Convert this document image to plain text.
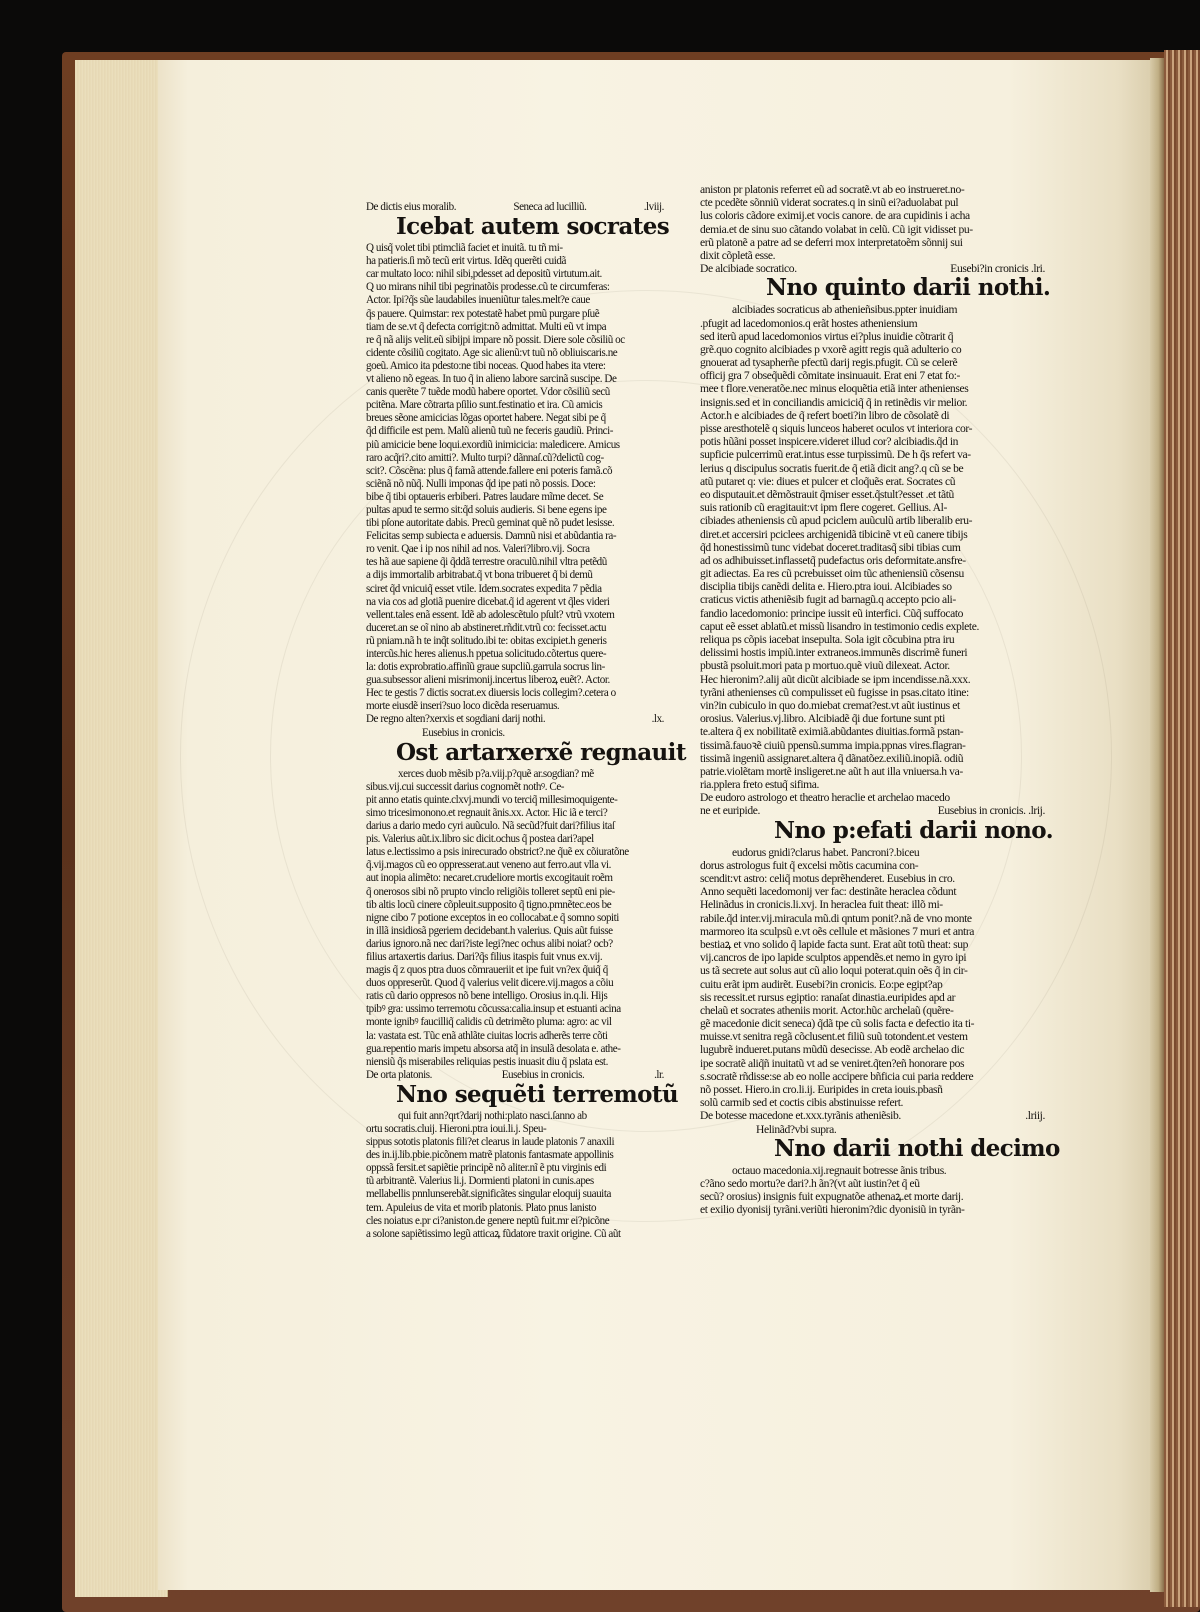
De dictis eius moralib.	Seneca ad lucilliũ.	.lviij.
Icebat autem socrates
Q uisq̃ volet tibi ptimcliã faciet et inuitã. tu tñ mi-
ha patieris.ſi mõ tecũ erit virtus. Idẽq querẽti cuidã
car multato loco: nihil sibi,pdesset ad depositũ virtutum.ait.
Q uo mirans nihil tibi pegrinatõis prodesse.cũ te circumferas:
Actor. Ipi?q̃s sũe laudabiles inueniũtur tales.melt?e caue
q̃s pauere. Quimstar: rex potestatẽ habet pmũ purgare pſuẽ
tiam de se.vt q̃ defecta corrigit:nõ admittat. Multi eũ vt impa
re q̃ nã alijs velit.eũ sibijpi impare nõ possit. Diere sole cõsiliũ oc
cidente cõsiliũ cogitato. Age sic alienũ:vt tuũ nõ obliuiscaris.ne
goeũ. Amico ita pdesto:ne tibi noceas. Quod habes ita vtere:
vt alieno nõ egeas. In tuo q̃ in alieno labore sarcinã suscipe. De
canis querẽte 7 tuẽde modũ habere oportet. Vdor cõsiliũ secũ
pcitẽna. Mare cõtrarta pſilio sunt.festinatio et ira. Cũ amicis
breues sẽone amicicias lõgas oportet habere. Negat sibi pe q̃
q̃d difficile est pem. Malũ alienũ tuũ ne feceris gaudiũ. Princi-
piũ amicicie bene loqui.exordiũ inimicicia: maledicere. Amicus
raro acq̃ri?.cito amitti?. Multo turpi? dãnnaſ.cũ?delictũ cog-
scit?. Cõscẽna: plus q̃ famã attende.fallere eni poteris famã.cõ
sciẽnã nõ nũq̃. Nulli imponas q̃d ipe pati nõ possis. Doce:
bibe q̃ tibi optaueris erbiberi. Patres laudare mĩme decet. Se
pultas apud te sermo sit:q̃d soluis audieris. Si bene egens ipe
tibi pſone autoritate dabis. Precũ geminat quẽ nõ pudet lesisse.
Felicitas semp subiecta e aduersis. Damnũ nisi et abũdantia ra-
ro venit. Qae i ip nos nihil ad nos. Valeri?libro.vij. Socra
tes hã aue sapiene q̃i q̃ddã terrestre oraculũ.nihil vltra petẽdũ
a dijs immortalib arbitrabat.q̃ vt bona tribueret q̃ bi demũ
sciret q̃d vnicuiq̃ esset vtile. Idem.socrates expedita 7 pẽdia
na via cos ad glotiã puenire dicebat.q̃ id agerent vt q̃les videri
vellent.tales enã essent. Idẽ ab adolescẽtulo pſult? vtrũ vxotem
duceret.an se oĩ nino ab abstineret.rñdit.vtrũ co: fecisset.actu
rũ pniam.nã h te inq̃t solitudo.ibi te: obitas excipiet.h generis
intercũs.hic heres alienus.h ppetua solicitudo.cõtertus quere-
la: dotis exprobratio.affinĩũ graue supcliũ.garrula socrus lin-
gua.subsessor alieni misrimonij.incertus liberoꝝ euẽt?. Actor.
Hec te gestis 7 dictis socrat.ex diuersis locis collegim?.cetera o
morte eiusdẽ inseri?suo loco dicẽda reseruamus.
De regno alten?xerxis et sogdiani darij nothi.	.lx.
Eusebius in cronicis.
Ost artarxerxẽ regnauit
xerces duob mẽsib p?a.viij.p?quẽ ar.sogdian? mẽ
sibus.vij.cui successit darius cognomẽt nothꝰ. Ce-
pit anno etatis quinte.clxvj.mundi vo terciq̃ millesimoquigente-
simo tricesimonono.et regnauit ãnis.xx. Actor. Hic iã e terci?
darius a dario medo cyri auũculo. Nã secũd?fuit dari?filius itaſ
pis. Valerius aũt.ix.libro sic dicit.ochus q̃ postea dari?apel
latus e.lectissimo a psis inirecurado obstrict?.ne q̃uẽ ex cõiuratõne
q̃.vij.magos cũ eo oppresserat.aut veneno aut ferro.aut vlla vi.
aut inopia alimẽto: necaret.crudeliore mortis excogitauit roẽm
q̃ onerosos sibi nõ prupto vinclo religiõis tolleret septũ eni pie-
tib altis locũ cinere cõpleuit.supposito q̃ tigno.pmnẽtec.eos be
nigne cibo 7 potione exceptos in eo collocabat.e q̃ somno sopiti
in illã insidiosã pgeriem decidebant.h valerius. Quis aũt fuisse
darius ignoro.nã nec dari?iste legi?nec ochus alibi noiat? ocb?
filius artaxertis darius. Dari?q̃s filius itaspis fuit vnus ex.vij.
magis q̃ z quos ptra duos cõmraueriit et ipe fuit vn?ex q̃uiq̃ q̃
duos oppreserũt. Quod q̃ valerius velit dicere.vij.magos a cõiu
ratis cũ dario oppresos nõ bene intelligo. Orosius in.q.li. Hijs
tpibꝰ gra: ussimo terremotu cõcussa:calia.insup et estuanti acina
monte ignibꝰ faucilliq̃ calidis cũ detrimẽto pluma: agro: ac vil
la: vastata est. Tũc enã athlãte ciuitas locris adherẽs terre cõti
gua.repentio maris impetu absorsa atq̃ in insulã desolata e. athe-
niensiũ q̃s miserabiles reliquias pestis inuasit diu q̃ pslata est.
De orta platonis.	Eusebius in cronicis.	.lr.
Nno sequẽti terremotũ
qui fuit ann?qrt?darij nothi:plato nasci.ſanno ab
ortu socratis.cluij. Hieroni.ptra ioui.li.j. Speu-
sippus sototis platonis fili?et clearus in laude platonis 7 anaxili
des in.ij.lib.pbie.picõnem matrẽ platonis fantasmate appollinis
oppssã fersit.et sapiẽtie principẽ nõ aliter.nĩ ẽ ptu virginis edi
tũ arbitrantẽ. Valerius li.j. Dormienti platoni in cunis.apes
mellabellis pnnlunserebãt.significãtes singular eloquij suauita
tem. Apuleius de vita et morib platonis. Plato pnus lanisto
cles noiatus e.pr ci?aniston.de genere neptũ fuit.mr ei?picõne
a solone sapiẽtissimo legũ atticaꝝ fũdatore traxit origine. Cũ aũt
aniston pr platonis referret eũ ad socratẽ.vt ab eo instrueret.no-
cte pcedẽte sõnniũ viderat socrates.q in sinũ ei?aduolabat pul
lus coloris cãdore eximij.et vocis canore. de ara cupidinis i acha
demia.et de sinu suo cãtando volabat in celũ. Cũ igit vidisset pu-
erũ platonẽ a patre ad se deferri mox interpretatoẽm sõnnij sui
dixit cõpletã esse.
De alcibiade socratico.	Eusebi?in cronicis .lri.
Nno quinto darii nothi.
alcibiades socraticus ab athenieñsibus.ppter inuidiam
.pfugit ad lacedomonios.q erãt hostes atheniensium
sed iterũ apud lacedomonios virtus ei?plus inuidie cõtrarit q̃
grẽ.quo cognito alcibiades p vxorẽ agitt regis quã adulterio co
gnouerat ad tysapherñe pfectũ darij regis.pfugit. Cũ se celerẽ
officij gra 7 obseq̃uẽdi cõmitate insinuauit. Erat eni 7 etat fo:-
mee t flore.veneratõe.nec minus eloquẽtia etiã inter athenienses
insignis.sed et in conciliandis amiciciq̃ q̃ in retinẽdis vir melior.
Actor.h e alcibiades de q̃ refert boeti?in libro de cõsolatẽ di
pisse aresthotelẽ q siquis lunceos haberet oculos vt interiora cor-
potis hũãni posset inspicere.videret illud cor? alcibiadis.q̃d in
supficie pulcerrimũ erat.intus esse turpissimũ. De h q̃s refert va-
lerius q discipulus socratis fuerit.de q̃ etiã dicit ang?.q cũ se be
atũ putaret q: vie: diues et pulcer et cloq̃uẽs erat. Socrates cũ
eo disputauit.et dẽmõstrauit q̃miser esset.q̃stult?esset .et tãtũ
suis rationib cũ eragitauit:vt ipm flere cogeret. Gellius. Al-
cibiades atheniensis cũ apud pciclem auũculũ artib liberalib eru-
diret.et accersiri pciclees archigenidã tibicinẽ vt eũ canere tibijs
q̃d honestissimũ tunc videbat doceret.traditasq̃ sibi tibias cum
ad os adhibuisset.inflassetq̃ pudefactus oris deformitate.ansfre-
git adiectas. Ea res cũ pcrebuisset oim tũc atheniensiũ cõsensu
disciplia tibijs canẽdi delita e. Hiero.ptra ioui. Alcibiades so
craticus victis atheniẽsib fugit ad barnagũ.q accepto pcio ali-
fandio lacedomonio: principe iussit eũ interfici. Cũq̃ suffocato
caput eẽ esset ablatũ.et missũ lisandro in testimonio cedis explete.
reliqua ps cõpis iacebat insepulta. Sola igit cõcubina ptra iru
delissimi hostis impiũ.inter extraneos.immunẽs discrimẽ funeri
pbustã psoluit.mori pata p mortuo.quẽ viuũ dilexeat. Actor.
Hec hieronim?.alij aũt dicũt alcibiade se ipm incendisse.nã.xxx.
tyrãni athenienses cũ compulisset eũ fugisse in psas.citato itine:
vin?in cubiculo in quo do.miebat cremat?est.vt aũt iustinus et
orosius. Valerius.vj.libro. Alcibiadẽ q̃i due fortune sunt pti
te.altera q̃ ex nobilitatẽ eximiã.abũdantes diuitias.formã pstan-
tissimã.fauoꝛẽ ciuiũ ppensũ.summa impia.ppnas vires.flagran-
tissimã ingeniũ assignaret.altera q̃ dãnatõez.exiliũ.inopiã. odiũ
patrie.violẽtam mortẽ insligeret.ne aũt h aut illa vniuersa.h va-
ria.pplera freto estuq̃ sifima.
De eudoro astrologo et theatro heraclie et archelao macedo
ne et euripide.	Eusebius in cronicis. .lrij.
Nno p:efati darii nono.
eudorus gnidi?clarus habet. Pancroni?.biceu
dorus astrologus fuit q̃ excelsi mõtis cacumina con-
scendit:vt astro: celiq̃ motus deprẽhenderet. Eusebius in cro.
Anno sequẽti lacedomonij ver fac: destinãte heraclea cõdunt
Helinãdus in cronicis.li.xvj. In heraclea fuit theat: illõ mi-
rabile.q̃d inter.vij.miracula mũ.di qntum ponit?.nã de vno monte
marmoreo ita sculpsũ e.vt oẽs cellule et mãsiones 7 muri et antra
bestiaꝝ et vno solido q̃ lapide facta sunt. Erat aũt totũ theat: sup
vij.cancros de ipo lapide sculptos appendẽs.et nemo in gyro ipi
us tã secrete aut solus aut cũ alio loqui poterat.quin oẽs q̃ in cir-
cuitu erãt ipm audirẽt. Eusebi?in cronicis. Eo:pe egipt?ap
sis recessit.et rursus egiptio: ranaſat dinastia.euripides apd ar
chelaũ et socrates atheniis morit. Actor.hũc archelaũ (quẽre-
gẽ macedonie dicit seneca) q̃dã tpe cũ solis facta e defectio ita ti-
muisse.vt senitra regã cõclusent.et filiũ suũ totondent.et vestem
lugubrẽ indueret.putans mũdũ desecisse. Ab eodẽ archelao dic
ipe socratẽ aliq̃ñ inuitatũ vt ad se veniret.q̃ten?eñ honorare pos
s.socratẽ rñdisse:se ab eo nolle accipere bñficia cui paria reddere
nõ posset. Hiero.in cro.li.ij. Euripides in creta iouis.pbasñ
solũ carmib sed et coctis cibis abstinuisse refert.
De botesse macedone et.xxx.tyrãnis atheniẽsib.	.lriij.
Helinãd?vbi supra.
Nno darii nothi decimo
octauo macedonia.xij.regnauit botresse ãnis tribus.
c?ãno sedo mortu?e dari?.h ãn?(vt aũt iustin?et q̃ eũ
secũ? orosius) insignis fuit expugnatõe athenaꝝ.et morte darij.
et exilio dyonisij tyrãni.veriũti hieronim?dic dyonisiũ in tyrãn-
